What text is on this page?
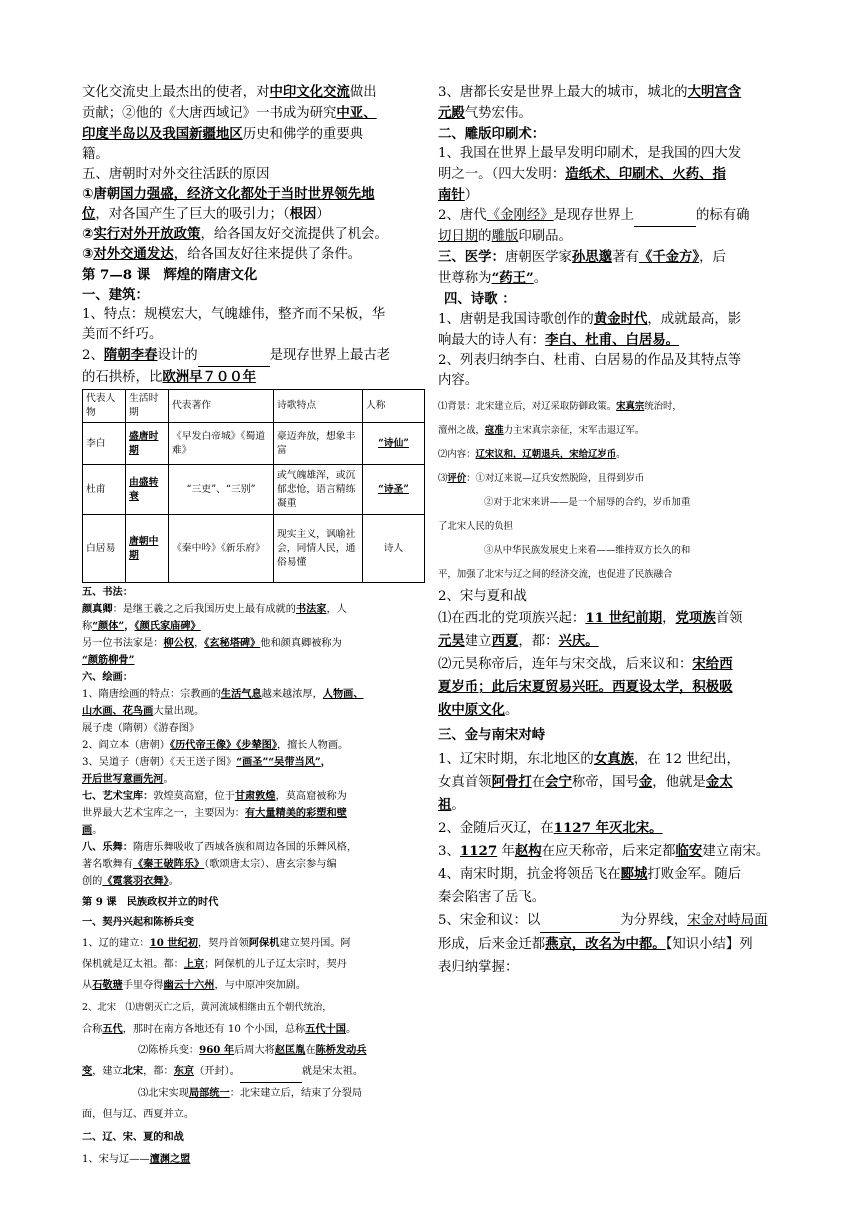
文化交流史上最杰出的使者，对中印文化交流做出

贡献；②他的《大唐西域记》一书成为研究中亚、

印度半岛以及我国新疆地区历史和佛学的重要典

籍。

五、唐朝时对外交往活跃的原因

①唐朝国力强盛，经济文化都处于当时世界领先地

位，对各国产生了巨大的吸引力；（根因）

②实行对外开放政策，给各国友好交流提供了机会。

③对外交通发达，给各国友好往来提供了条件。

第 7—8 课　辉煌的隋唐文化

一、建筑：

1、特点：规模宏大，气魄雄伟，整齐而不呆板，华

美而不纤巧。

2、隋朝李春设计的	是现存世界上最古老

的石拱桥，比欧洲早７００年

代表人物	生活时期	代表著作	诗歌特点	人称
李白	盛唐时期	《早发白帝城》《蜀道难》	豪迈奔放，想象丰富	“诗仙”
杜甫	由盛转衰	“三吏”、“三别”	或气魄雄浑，或沉郁悲怆，语言精练凝重	“诗圣”
白居易	唐朝中期	《秦中吟》《新乐府》	现实主义，讽喻社会，同情人民，通俗易懂	诗人

五、书法：

颜真卿：是继王羲之之后我国历史上最有成就的书法家，人

称“颜体”，《颜氏家庙碑》

另一位书法家是：柳公权，《玄秘塔碑》他和颜真卿被称为

“颜筋柳骨”

六、绘画：

1、隋唐绘画的特点：宗教画的生活气息越来越浓厚，人物画、

山水画、花鸟画大量出现。

展子虔（隋朝）《游春图》

2、阎立本（唐朝）《历代帝王像》《步辇图》，擅长人物画。

3、吴道子（唐朝）《天王送子图》“画圣”“吴带当风”，

开后世写意画先河。

七、艺术宝库：敦煌莫高窟，位于甘肃敦煌，莫高窟被称为

世界最大艺术宝库之一，主要因为：有大量精美的彩塑和壁

画。

八、乐舞：隋唐乐舞吸收了西域各族和周边各国的乐舞风格，

著名歌舞有《秦王破阵乐》（歌颂唐太宗）、唐玄宗参与编

创的《霓裳羽衣舞》。

第 9 课　民族政权并立的时代

一、契丹兴起和陈桥兵变

1、辽的建立：10 世纪初，契丹首领阿保机建立契丹国。阿

保机就是辽太祖。都：上京；阿保机的儿子辽太宗时，契丹

从石敬瑭手里夺得幽云十六州，与中原冲突加剧。

2、北宋　⑴唐朝灭亡之后，黄河流域相继由五个朝代统治，

合称五代，那时在南方各地还有 10 个小国，总称五代十国。

⑵陈桥兵变：960 年后周大将赵匡胤在陈桥发动兵

变，建立北宋，都：东京（开封）。	就是宋太祖。

⑶北宋实现局部统一：北宋建立后，结束了分裂局

面，但与辽、西夏并立。

二、辽、宋、夏的和战

1、宋与辽——澶渊之盟

3、唐都长安是世界上最大的城市，城北的大明宫含

元殿气势宏伟。

二、雕版印刷术：

1、我国在世界上最早发明印刷术，是我国的四大发

明之一。（四大发明：造纸术、印刷术、火药、指

南针）

2、唐代《金刚经》是现存世界上	的标有确

切日期的雕版印刷品。

三、医学：唐朝医学家孙思邈著有《千金方》，后

世尊称为“药王”。

四、诗歌 ：

1、唐朝是我国诗歌创作的黄金时代，成就最高，影

响最大的诗人有：李白、杜甫、白居易。

2、列表归纳李白、杜甫、白居易的作品及其特点等

内容。

⑴背景：北宋建立后，对辽采取防御政策。宋真宗统治时，

澶州之战，寇准力主宋真宗亲征，宋军击退辽军。

⑵内容：辽宋议和，辽朝退兵，宋给辽岁币。

⑶评价：①对辽来说—辽兵安然脱险，且得到岁币

②对于北宋来讲——是一个屈辱的合约，岁币加重

了北宋人民的负担

③从中华民族发展史上来看——维持双方长久的和

平，加强了北宋与辽之间的经济交流，也促进了民族融合

2、宋与夏和战

⑴在西北的党项族兴起：11 世纪前期，党项族首领

元昊建立西夏，都：兴庆。

⑵元昊称帝后，连年与宋交战，后来议和：宋给西

夏岁币；此后宋夏贸易兴旺。西夏设太学，积极吸

收中原文化。

三、金与南宋对峙

1、辽宋时期，东北地区的女真族，在 12 世纪出，

女真首领阿骨打在会宁称帝，国号金，他就是金太

祖。

2、金随后灭辽，在1127 年灭北宋。

3、1127 年赵构在应天称帝，后来定都临安建立南宋。

4、南宋时期，抗金将领岳飞在郾城打败金军。随后

秦会陷害了岳飞。

5、宋金和议：以	为分界线，宋金对峙局面

形成，后来金迁都燕京，改名为中都。【知识小结】列

表归纳掌握：
